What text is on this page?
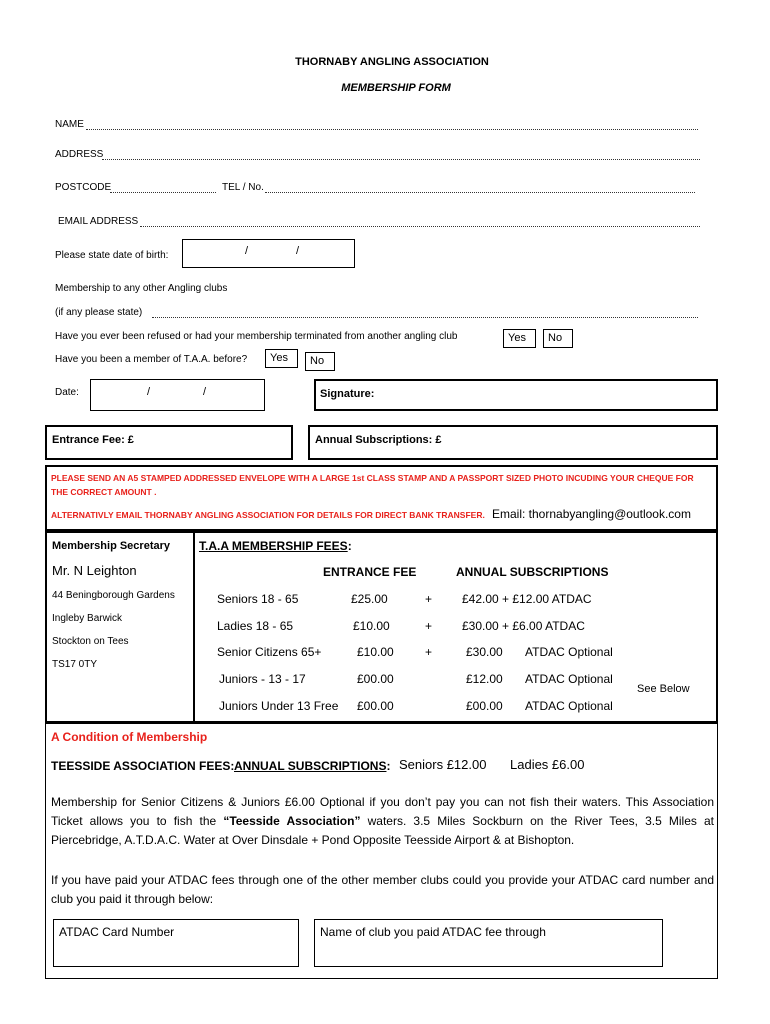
THORNABY ANGLING ASSOCIATION
MEMBERSHIP FORM
NAME
ADDRESS
POSTCODE	TEL / No.
EMAIL ADDRESS
Please state date of birth:	/	/
Membership to any other Angling clubs
(if any please state)
Have you ever been refused or had your membership terminated from another angling club	Yes	No
Have you been a member of T.A.A. before?	Yes	No
Date:	/	/	Signature:
Entrance Fee: £	Annual Subscriptions: £
PLEASE SEND AN A5 STAMPED ADDRESSED ENVELOPE WITH A LARGE 1st CLASS STAMP AND A PASSPORT SIZED PHOTO INCUDING YOUR CHEQUE FOR THE CORRECT AMOUNT .
ALTERNATIVLY EMAIL THORNABY ANGLING ASSOCIATION FOR DETAILS FOR DIRECT BANK TRANSFER. Email: thornabyangling@outlook.com
Membership Secretary
Mr. N Leighton
44 Beningborough Gardens
Ingleby Barwick
Stockton on Tees
TS17 0TY
T.A.A MEMBERSHIP FEES:
ENTRANCE FEE	ANNUAL SUBSCRIPTIONS
Seniors 18 - 65	£25.00	+ £42.00 + £12.00 ATDAC
Ladies 18 - 65	£10.00	+ £30.00 + £6.00 ATDAC
Senior Citizens 65+	£10.00	+	£30.00 ATDAC Optional
Juniors - 13 - 17	£00.00	£12.00 ATDAC Optional
See Below
Juniors Under 13 Free £00.00	£00.00 ATDAC Optional
A Condition of Membership
TEESSIDE ASSOCIATION FEES: ANNUAL SUBSCRIPTIONS: Seniors £12.00 Ladies £6.00
Membership for Senior Citizens & Juniors £6.00 Optional if you don’t pay you can not fish their waters. This Association Ticket allows you to fish the “Teesside Association” waters. 3.5 Miles Sockburn on the River Tees, 3.5 Miles at Piercebridge, A.T.D.A.C. Water at Over Dinsdale + Pond Opposite Teesside Airport & at Bishopton.
If you have paid your ATDAC fees through one of the other member clubs could you provide your ATDAC card number and club you paid it through below:
ATDAC Card Number	Name of club you paid ATDAC fee through
